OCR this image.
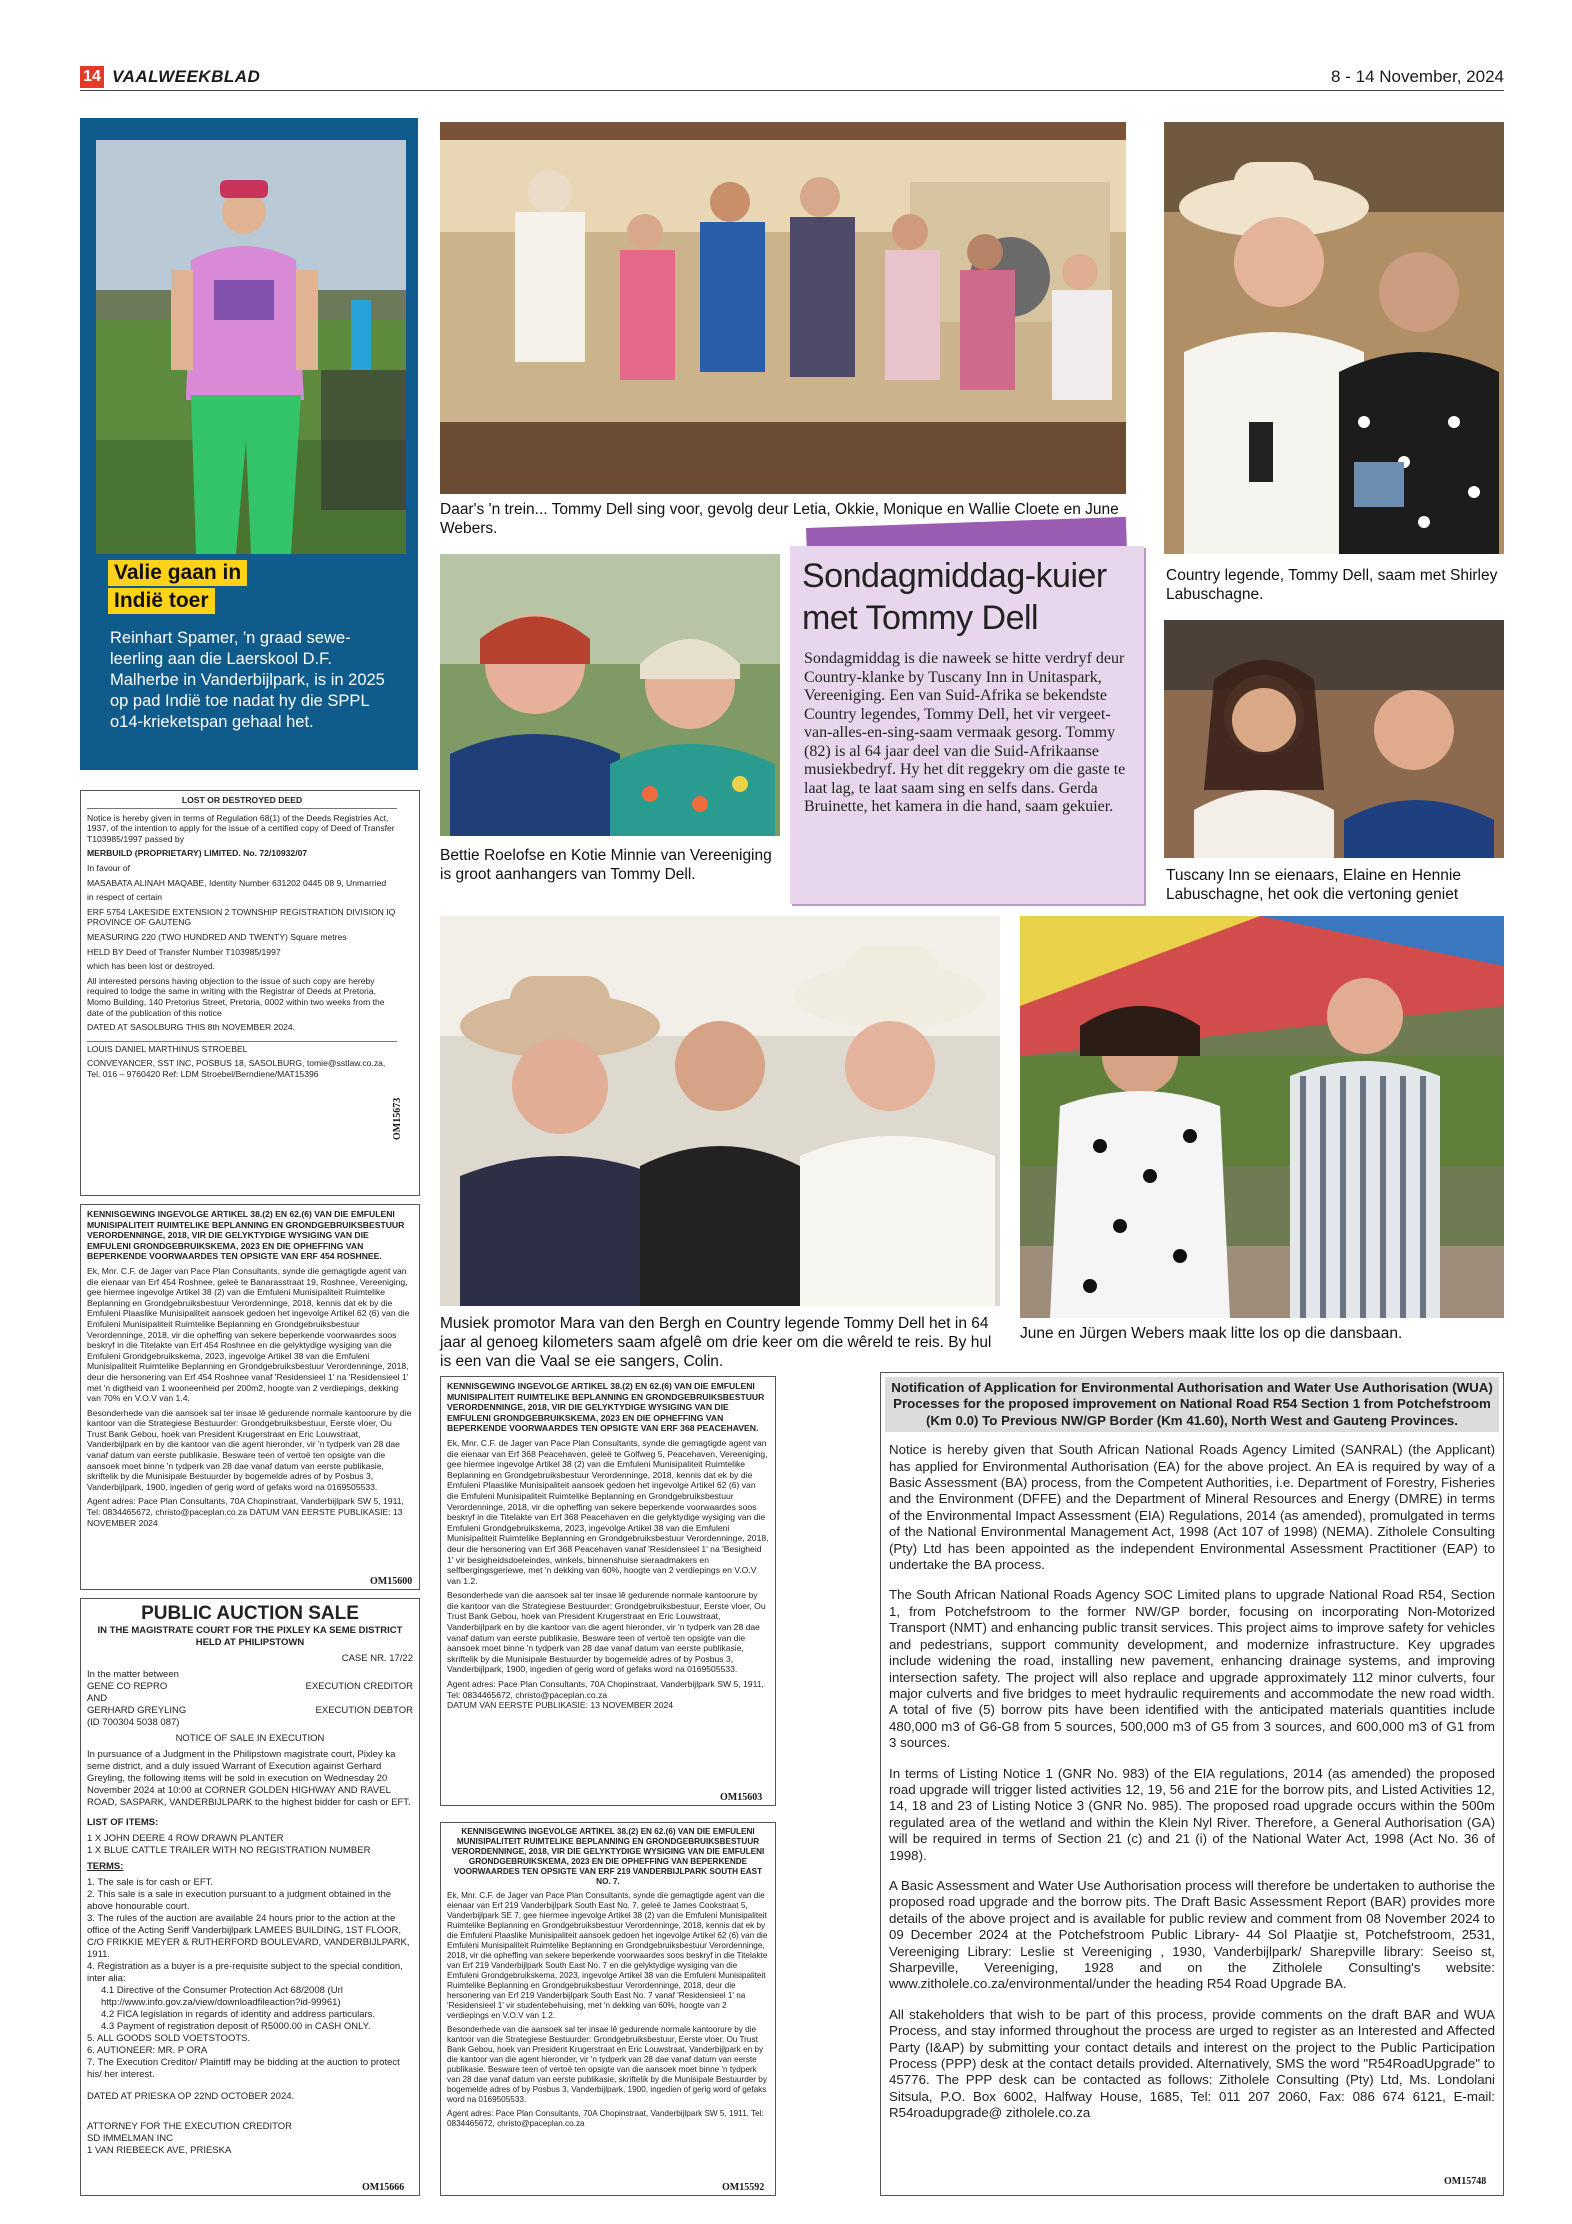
14 VAALWEEKBLAD	8 - 14 November, 2024
Valie gaan in
Indië toer
Reinhart Spamer, 'n graad sewe-leerling aan die Laerskool D.F. Malherbe in Vanderbijlpark, is in 2025 op pad Indië toe nadat hy die SPPL o14-krieketspan gehaal het.
Daar's 'n trein... Tommy Dell sing voor, gevolg deur Letia, Okkie, Monique en Wallie Cloete en June Webers.
Country legende, Tommy Dell, saam met Shirley Labuschagne.
Bettie Roelofse en Kotie Minnie van Vereeniging is groot aanhangers van Tommy Dell.
Sondagmiddag-kuier
met Tommy Dell
Sondagmiddag is die naweek se hitte verdryf deur Country-klanke by Tuscany Inn in Unitaspark, Vereeniging. Een van Suid-Afrika se bekendste Country legendes, Tommy Dell, het vir vergeet-van-alles-en-sing-saam vermaak gesorg. Tommy (82) is al 64 jaar deel van die Suid-Afrikaanse musiekbedryf. Hy het dit reggekry om die gaste te laat lag, te laat saam sing en selfs dans. Gerda Bruinette, het kamera in die hand, saam gekuier.
Tuscany Inn se eienaars, Elaine en Hennie Labuschagne, het ook die vertoning geniet
Musiek promotor Mara van den Bergh en Country legende Tommy Dell het in 64 jaar al genoeg kilometers saam afgelê om drie keer om die wêreld te reis. By hul is een van die Vaal se eie sangers, Colin.
June en Jürgen Webers maak litte los op die dansbaan.

LOST OR DESTROYED DEED

Notice is hereby given in terms of Regulation 68(1) of the Deeds Registries Act, 1937, of the intention to apply for the issue of a certified copy of Deed of Transfer T103985/1997 passed by

MERBUILD (PROPRIETARY) LIMITED. No. 72/10932/07

In favour of

MASABATA ALINAH MAQABE, Identity Number 631202 0445 08 9, Unmarried

in respect of certain

ERF 5754 LAKESIDE EXTENSION 2 TOWNSHIP REGISTRATION DIVISION IQ PROVINCE OF GAUTENG

MEASURING 220 (TWO HUNDRED AND TWENTY) Square metres

HELD BY Deed of Transfer Number T103985/1997

which has been lost or destroyed.

All interested persons having objection to the issue of such copy are hereby required to lodge the same in writing with the Registrar of Deeds at Pretoria, Momo Building, 140 Pretorius Street, Pretoria, 0002 within two weeks from the date of the publication of this notice

DATED AT SASOLBURG THIS 8th NOVEMBER 2024.

LOUIS DANIEL MARTHINUS STROEBEL

CONVEYANCER, SST INC, POSBUS 18, SASOLBURG, tomie@sstlaw.co.za, Tel. 016 – 9760420 Ref: LDM Stroebel/Berndiene/MAT15396

OM15673

KENNISGEWING INGEVOLGE ARTIKEL 38.(2) EN 62.(6) VAN DIE EMFULENI MUNISIPALITEIT RUIMTELIKE BEPLANNING EN GRONDGEBRUIKSBESTUUR VERORDENNINGE, 2018, VIR DIE GELYKTYDIGE WYSIGING VAN DIE EMFULENI GRONDGEBRUIKSKEMA, 2023 EN DIE OPHEFFING VAN BEPERKENDE VOORWAARDES TEN OPSIGTE VAN ERF 454 ROSHNEE.

Ek, Mnr. C.F. de Jager van Pace Plan Consultants, synde die gemagtigde agent van die eienaar van Erf 454 Roshnee, geleë te Banarasstraat 19, Roshnee, Vereeniging, gee hiermee ingevolge Artikel 38 (2) van die Emfuleni Munisipaliteit Ruimtelike Beplanning en Grondgebruiksbestuur Verordenninge, 2018, kennis dat ek by die Emfuleni Plaaslike Munisipaliteit aansoek gedoen het ingevolge Artikel 62 (6) van die Emfuleni Munisipaliteit Ruimtelike Beplanning en Grondgebruiksbestuur Verordenninge, 2018, vir die opheffing van sekere beperkende voorwaardes soos beskryf in die Titelakte van Erf 454 Roshnee en die gelyktydige wysiging van die Emfuleni Grondgebruikskema, 2023, ingevolge Artikel 38 van die Emfuleni Munisipaliteit Ruimtelike Beplanning en Grondgebruiksbestuur Verordenninge, 2018, deur die hersonering van Erf 454 Roshnee vanaf 'Residensieel 1' na 'Residensieel 1' met 'n digtheid van 1 wooneenheid per 200m2, hoogte van 2 verdiepings, dekking van 70% en V.O.V van 1.4.

Besonderhede van die aansoek sal ter insae lê gedurende normale kantoorure by die kantoor van die Strategiese Bestuurder: Grondgebruiksbestuur, Eerste vloer, Ou Trust Bank Gebou, hoek van President Krugerstraat en Eric Louwstraat, Vanderbijlpark en by die kantoor van die agent hieronder, vir 'n tydperk van 28 dae vanaf datum van eerste publikasie. Besware teen of vertoë ten opsigte van die aansoek moet binne 'n tydperk van 28 dae vanaf datum van eerste publikasie, skriftelik by die Munisipale Bestuurder by bogemelde adres of by Posbus 3, Vanderbijlpark, 1900, ingedien of gerig word of gefaks word na 0169505533.

Agent adres: Pace Plan Consultants, 70A Chopinstraat, Vanderbijlpark SW 5, 1911, Tel: 0834465672, christo@paceplan.co.za DATUM VAN EERSTE PUBLIKASIE: 13 NOVEMBER 2024

OM15600
PUBLIC AUCTION SALE

IN THE MAGISTRATE COURT FOR THE PIXLEY KA SEME DISTRICT HELD AT PHILIPSTOWN

CASE NR. 17/22

In the matter between
GENE CO REPRO	EXECUTION CREDITOR
AND
GERHARD GREYLING	EXECUTION DEBTOR

(ID 700304 5038 087)

NOTICE OF SALE IN EXECUTION

In pursuance of a Judgment in the Philipstown magistrate court, Pixley ka seme district, and a duly issued Warrant of Execution against Gerhard Greyling, the following items will be sold in execution on Wednesday 20 November 2024 at 10:00 at CORNER GOLDEN HIGHWAY AND RAVEL ROAD, SASPARK, VANDERBIJLPARK to the highest bidder for cash or EFT.

LIST OF ITEMS:

1 X JOHN DEERE 4 ROW DRAWN PLANTER

1 X BLUE CATTLE TRAILER WITH NO REGISTRATION NUMBER

TERMS:

1. The sale is for cash or EFT.
2. This sale is a sale in execution pursuant to a judgment obtained in the above honourable court.
3. The rules of the auction are available 24 hours prior to the action at the office of the Acting Seriff Vanderbijlpark LAMEES BUILDING, 1ST FLOOR, C/O FRIKKIE MEYER & RUTHERFORD BOULEVARD, VANDERBIJLPARK, 1911.
4. Registration as a buyer is a pre-requisite subject to the special condition, inter alia:
4.1 Directive of the Consumer Protection Act 68/2008 (Url http://www.info.gov.za/view/downloadfileaction?id-99961)
4.2 FICA legislation in regards of identity and address particulars.
4.3 Payment of registration deposit of R5000.00 in CASH ONLY.
5. ALL GOODS SOLD VOETSTOOTS.
6. AUTIONEER: MR. P ORA

7. The Execution Creditor/ Plaintiff may be bidding at the auction to protect his/ her interest.

DATED AT PRIESKA OP 22ND OCTOBER 2024.

ATTORNEY FOR THE EXECUTION CREDITOR
SD IMMELMAN INC
1 VAN RIEBEECK AVE, PRIESKA
OM15666

KENNISGEWING INGEVOLGE ARTIKEL 38.(2) EN 62.(6) VAN DIE EMFULENI MUNISIPALITEIT RUIMTELIKE BEPLANNING EN GRONDGEBRUIKSBESTUUR VERORDENNINGE, 2018, VIR DIE GELYKTYDIGE WYSIGING VAN DIE EMFULENI GRONDGEBRUIKSKEMA, 2023 EN DIE OPHEFFING VAN BEPERKENDE VOORWAARDES TEN OPSIGTE VAN ERF 368 PEACEHAVEN.

Ek, Mnr. C.F. de Jager van Pace Plan Consultants, synde die gemagtigde agent van die eienaar van Erf 368 Peacehaven, geleë te Golfweg 5, Peacehaven, Vereeniging, gee hiermee ingevolge Artikel 38 (2) van die Emfuleni Munisipaliteit Ruimtelike Beplanning en Grondgebruiksbestuur Verordenninge, 2018, kennis dat ek by die Emfuleni Plaaslike Munisipaliteit aansoek gedoen het ingevolge Artikel 62 (6) van die Emfuleni Munisipaliteit Ruimtelike Beplanning en Grondgebruiksbestuur Verordenninge, 2018, vir die opheffing van sekere beperkende voorwaardes soos beskryf in die Titelakte van Erf 368 Peacehaven en die gelyktydige wysiging van die Emfuleni Grondgebruikskema, 2023, ingevolge Artikel 38 van die Emfuleni Munisipaliteit Ruimtelike Beplanning en Grondgebruiksbestuur Verordenninge, 2018, deur die hersonering van Erf 368 Peacehaven vanaf 'Residensieel 1' na 'Besigheid 1' vir besigheidsdoeleindes, winkels, binnenshuise sieraadmakers en selfbergingsgeriewe, met 'n dekking van 60%, hoogte van 2 verdiepings en V.O.V van 1.2.

Besonderhede van die aansoek sal ter insae lê gedurende normale kantoorure by die kantoor van die Strategiese Bestuurder: Grondgebruiksbestuur, Eerste vloer, Ou Trust Bank Gebou, hoek van President Krugerstraat en Eric Louwstraat, Vanderbijlpark en by die kantoor van die agent hieronder, vir 'n tydperk van 28 dae vanaf datum van eerste publikasie. Besware teen of vertoë ten opsigte van die aansoek moet binne 'n tydperk van 28 dae vanaf datum van eerste publikasie, skriftelik by die Munisipale Bestuurder by bogemelde adres of by Posbus 3, Vanderbijlpark, 1900, ingedien of gerig word of gefaks word na 0169505533.

Agent adres: Pace Plan Consultants, 70A Chopinstraat, Vanderbijlpark SW 5, 1911, Tel: 0834465672, christo@paceplan.co.za
DATUM VAN EERSTE PUBLIKASIE: 13 NOVEMBER 2024
OM15603

KENNISGEWING INGEVOLGE ARTIKEL 38.(2) EN 62.(6) VAN DIE EMFULENI MUNISIPALITEIT RUIMTELIKE BEPLANNING EN GRONDGEBRUIKSBESTUUR VERORDENNINGE, 2018, VIR DIE GELYKTYDIGE WYSIGING VAN DIE EMFULENI GRONDGEBRUIKSKEMA, 2023 EN DIE OPHEFFING VAN BEPERKENDE VOORWAARDES TEN OPSIGTE VAN ERF 219 VANDERBIJLPARK SOUTH EAST NO. 7.

Ek, Mnr. C.F. de Jager van Pace Plan Consultants, synde die gemagtigde agent van die eienaar van Erf 219 Vanderbijlpark South East No. 7, geleë te James Cookstraat 5, Vanderbijlpark SE 7, gee hiermee ingevolge Artikel 38 (2) van die Emfuleni Munisipaliteit Ruimtelike Beplanning en Grondgebruiksbestuur Verordenninge, 2018, kennis dat ek by die Emfuleni Plaaslike Munisipaliteit aansoek gedoen het ingevolge Artikel 62 (6) van die Emfuleni Munisipaliteit Ruimtelike Beplanning en Grondgebruiksbestuur Verordenninge, 2018, vir die opheffing van sekere beperkende voorwaardes soos beskryf in die Titelakte van Erf 219 Vanderbijlpark South East No. 7 en die gelyktydige wysiging van die Emfuleni Grondgebruikskema, 2023, ingevolge Artikel 38 van die Emfuleni Munisipaliteit Ruimtelike Beplanning en Grondgebruiksbestuur Verordenninge, 2018, deur die hersonering van Erf 219 Vanderbijlpark South East No. 7 vanaf 'Residensieel 1' na 'Residensieel 1' vir studentebehuising, met 'n dekking van 60%, hoogte van 2 verdiepings en V.O.V van 1.2.

Besonderhede van die aansoek sal ter insae lê gedurende normale kantoorure by die kantoor van die Strategiese Bestuurder: Grondgebruiksbestuur, Eerste vloer, Ou Trust Bank Gebou, hoek van President Krugerstraat en Eric Louwstraat, Vanderbijlpark en by die kantoor van die agent hieronder, vir 'n tydperk van 28 dae vanaf datum van eerste publikasie. Besware teen of vertoë ten opsigte van die aansoek moet binne 'n tydperk van 28 dae vanaf datum van eerste publikasie, skriftelik by die Munisipale Bestuurder by bogemelde adres of by Posbus 3, Vanderbijlpark, 1900, ingedien of gerig word of gefaks word na 0169505533.

Agent adres: Pace Plan Consultants, 70A Chopinstraat, Vanderbijlpark SW 5, 1911, Tel: 0834465672, christo@paceplan.co.za

OM15592

Notification of Application for Environmental Authorisation and Water Use Authorisation (WUA) Processes for the proposed improvement on National Road R54 Section 1 from Potchefstroom (Km 0.0) To Previous NW/GP Border (Km 41.60), North West and Gauteng Provinces.

Notice is hereby given that South African National Roads Agency Limited (SANRAL) (the Applicant) has applied for Environmental Authorisation (EA) for the above project. An EA is required by way of a Basic Assessment (BA) process, from the Competent Authorities, i.e. Department of Forestry, Fisheries and the Environment (DFFE) and the Department of Mineral Resources and Energy (DMRE) in terms of the Environmental Impact Assessment (EIA) Regulations, 2014 (as amended), promulgated in terms of the National Environmental Management Act, 1998 (Act 107 of 1998) (NEMA). Zitholele Consulting (Pty) Ltd has been appointed as the independent Environmental Assessment Practitioner (EAP) to undertake the BA process.

The South African National Roads Agency SOC Limited plans to upgrade National Road R54, Section 1, from Potchefstroom to the former NW/GP border, focusing on incorporating Non-Motorized Transport (NMT) and enhancing public transit services. This project aims to improve safety for vehicles and pedestrians, support community development, and modernize infrastructure. Key upgrades include widening the road, installing new pavement, enhancing drainage systems, and improving intersection safety. The project will also replace and upgrade approximately 112 minor culverts, four major culverts and five bridges to meet hydraulic requirements and accommodate the new road width. A total of five (5) borrow pits have been identified with the anticipated materials quantities include 480,000 m3 of G6-G8 from 5 sources, 500,000 m3 of G5 from 3 sources, and 600,000 m3 of G1 from 3 sources.

In terms of Listing Notice 1 (GNR No. 983) of the EIA regulations, 2014 (as amended) the proposed road upgrade will trigger listed activities 12, 19, 56 and 21E for the borrow pits, and Listed Activities 12, 14, 18 and 23 of Listing Notice 3 (GNR No. 985). The proposed road upgrade occurs within the 500m regulated area of the wetland and within the Klein Nyl River. Therefore, a General Authorisation (GA) will be required in terms of Section 21 (c) and 21 (i) of the National Water Act, 1998 (Act No. 36 of 1998).

A Basic Assessment and Water Use Authorisation process will therefore be undertaken to authorise the proposed road upgrade and the borrow pits. The Draft Basic Assessment Report (BAR) provides more details of the above project and is available for public review and comment from 08 November 2024 to 09 December 2024 at the Potchefstroom Public Library- 44 Sol Plaatjie st, Potchefstroom, 2531, Vereeniging Library: Leslie st Vereeniging , 1930, Vanderbijlpark/ Sharepville library: Seeiso st, Sharpeville, Vereeniging, 1928 and on the Zitholele Consulting's website: www.zitholele.co.za/environmental/under the heading R54 Road Upgrade BA.

All stakeholders that wish to be part of this process, provide comments on the draft BAR and WUA Process, and stay informed throughout the process are urged to register as an Interested and Affected Party (I&AP) by submitting your contact details and interest on the project to the Public Participation Process (PPP) desk at the contact details provided. Alternatively, SMS the word "R54RoadUpgrade" to 45776. The PPP desk can be contacted as follows: Zitholele Consulting (Pty) Ltd, Ms. Londolani Sitsula, P.O. Box 6002, Halfway House, 1685, Tel: 011 207 2060, Fax: 086 674 6121, E-mail: R54roadupgrade@ zitholele.co.za

OM15748
